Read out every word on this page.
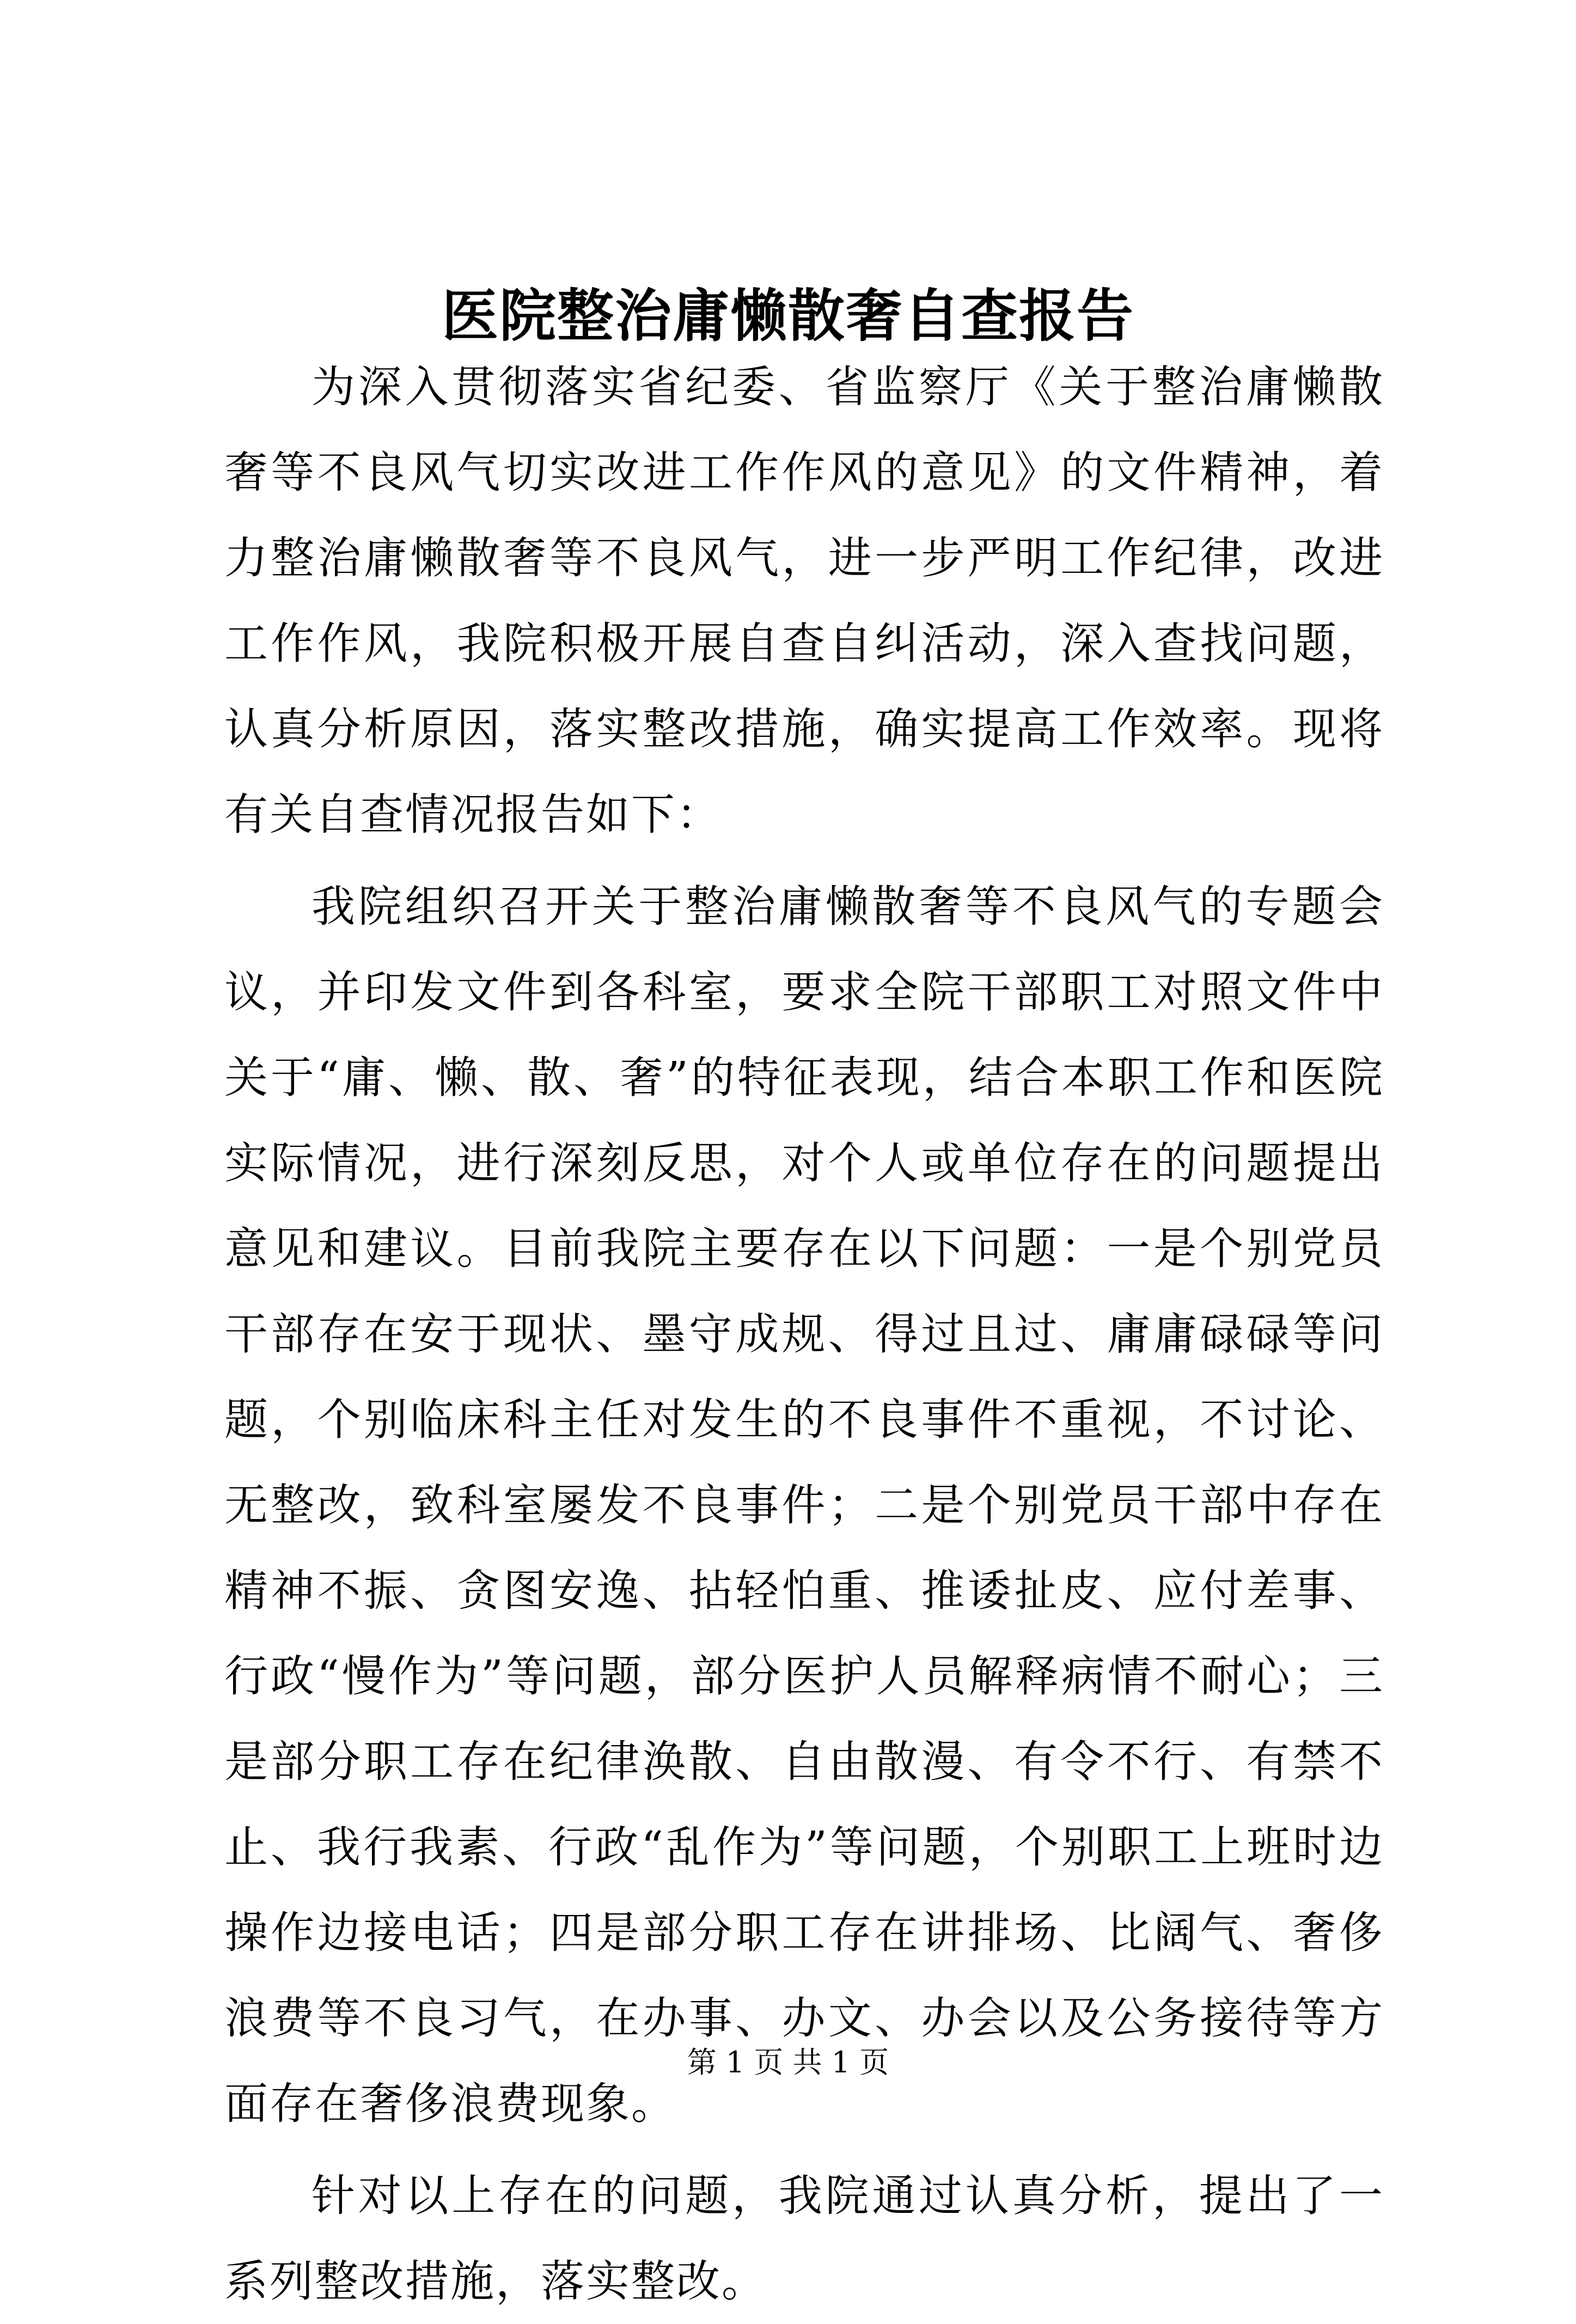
医院整治庸懒散奢自查报告

为深入贯彻落实省纪委、省监察厅《关于整治庸懒散奢等不良风气切实改进工作作风的意见》的文件精神，着力整治庸懒散奢等不良风气，进一步严明工作纪律，改进工作作风，我院积极开展自查自纠活动，深入查找问题，认真分析原因，落实整改措施，确实提高工作效率。现将有关自查情况报告如下：

我院组织召开关于整治庸懒散奢等不良风气的专题会议，并印发文件到各科室，要求全院干部职工对照文件中关于“庸、懒、散、奢”的特征表现，结合本职工作和医院实际情况，进行深刻反思，对个人或单位存在的问题提出意见和建议。目前我院主要存在以下问题：一是个别党员干部存在安于现状、墨守成规、得过且过、庸庸碌碌等问题，个别临床科主任对发生的不良事件不重视，不讨论、无整改，致科室屡发不良事件；二是个别党员干部中存在精神不振、贪图安逸、拈轻怕重、推诿扯皮、应付差事、行政“慢作为”等问题，部分医护人员解释病情不耐心；三是部分职工存在纪律涣散、自由散漫、有令不行、有禁不止、我行我素、行政“乱作为”等问题，个别职工上班时边操作边接电话；四是部分职工存在讲排场、比阔气、奢侈浪费等不良习气，在办事、办文、办会以及公务接待等方面存在奢侈浪费现象。

针对以上存在的问题，我院通过认真分析，提出了一系列整改措施，落实整改。

第 1 页 共 1 页
